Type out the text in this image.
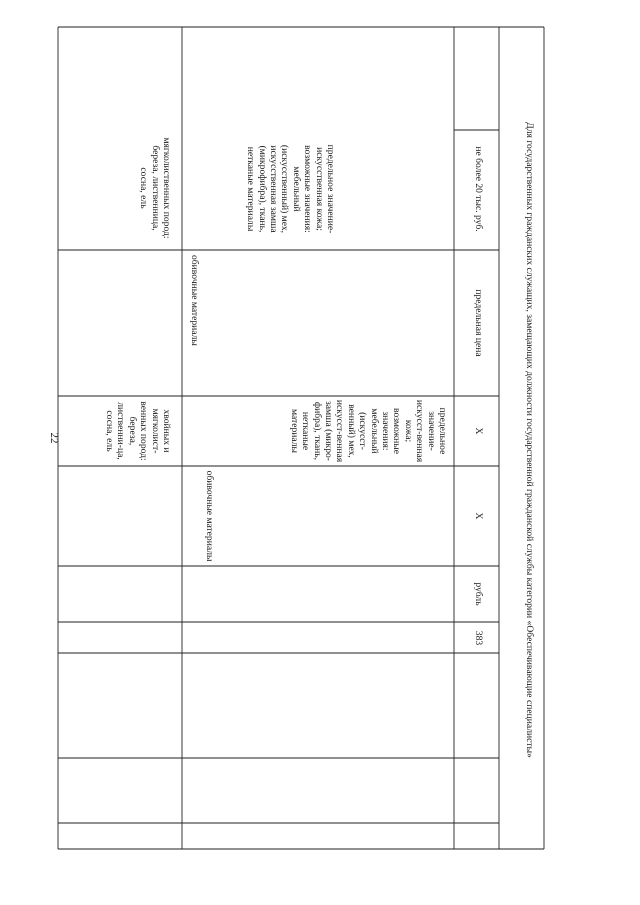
22
мягколиственных пород: береза, лиственница, сосна, ель
хвойных и мягколист-венных пород: береза, лиственни-ца, сосна, ель
обивочные материалы
предельное значение-искусст-венная кожа; возможные значения: мебельный (искусст-венный) мех, искусст-венная замша (микро-фибра), ткань, нетканые материалы
обивочные материалы
предельное значение-искусственная кожа; возможные значения: мебельный (искусственный) мех, искусственная замша (микрофибра), ткань, нетканые материалы
383
рубль
Х
Х
предельная цена
не более 20 тыс. руб.	Для государственных гражданских служащих, замещающих должности государственной гражданской службы категории «Обеспечивающие специалисты»
